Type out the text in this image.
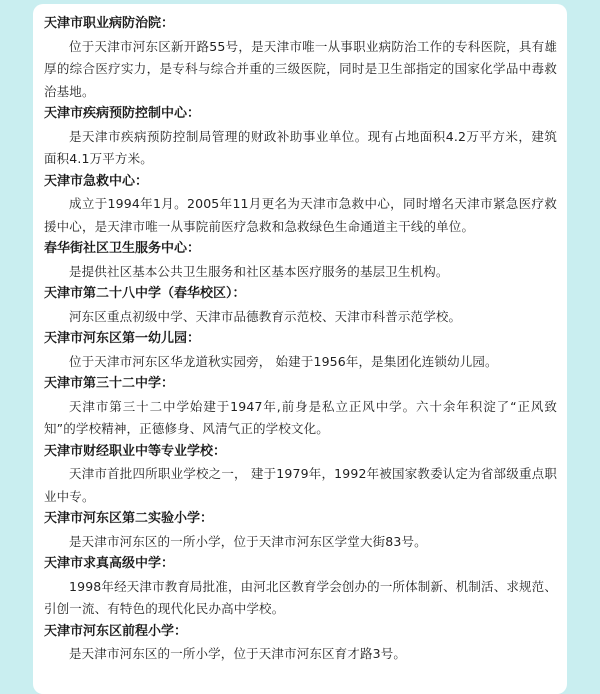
天津市职业病防治院：

位于天津市河东区新开路55号，是天津市唯一从事职业病防治工作的专科医院，具有雄厚的综合医疗实力，是专科与综合并重的三级医院，同时是卫生部指定的国家化学品中毒救治基地。

天津市疾病预防控制中心：

是天津市疾病预防控制局管理的财政补助事业单位。现有占地面积4.2万平方米，建筑面积4.1万平方米。

天津市急救中心：

成立于1994年1月。2005年11月更名为天津市急救中心，同时增名天津市紧急医疗救援中心，是天津市唯一从事院前医疗急救和急救绿色生命通道主干线的单位。

春华街社区卫生服务中心：

是提供社区基本公共卫生服务和社区基本医疗服务的基层卫生机构。

天津市第二十八中学（春华校区）：

河东区重点初级中学、天津市品德教育示范校、天津市科普示范学校。

天津市河东区第一幼儿园：

位于天津市河东区华龙道秋实园旁， 始建于1956年，是集团化连锁幼儿园。

天津市第三十二中学：

天津市第三十二中学始建于1947年,前身是私立正风中学。六十余年积淀了“正风致知”的学校精神，正德修身、风清气正的学校文化。

天津市财经职业中等专业学校：

天津市首批四所职业学校之一， 建于1979年，1992年被国家教委认定为省部级重点职业中专。

天津市河东区第二实验小学：

是天津市河东区的一所小学，位于天津市河东区学堂大街83号。

天津市求真高级中学：

1998年经天津市教育局批准，由河北区教育学会创办的一所体制新、机制活、求规范、引创一流、有特色的现代化民办高中学校。

天津市河东区前程小学：

是天津市河东区的一所小学，位于天津市河东区育才路3号。
